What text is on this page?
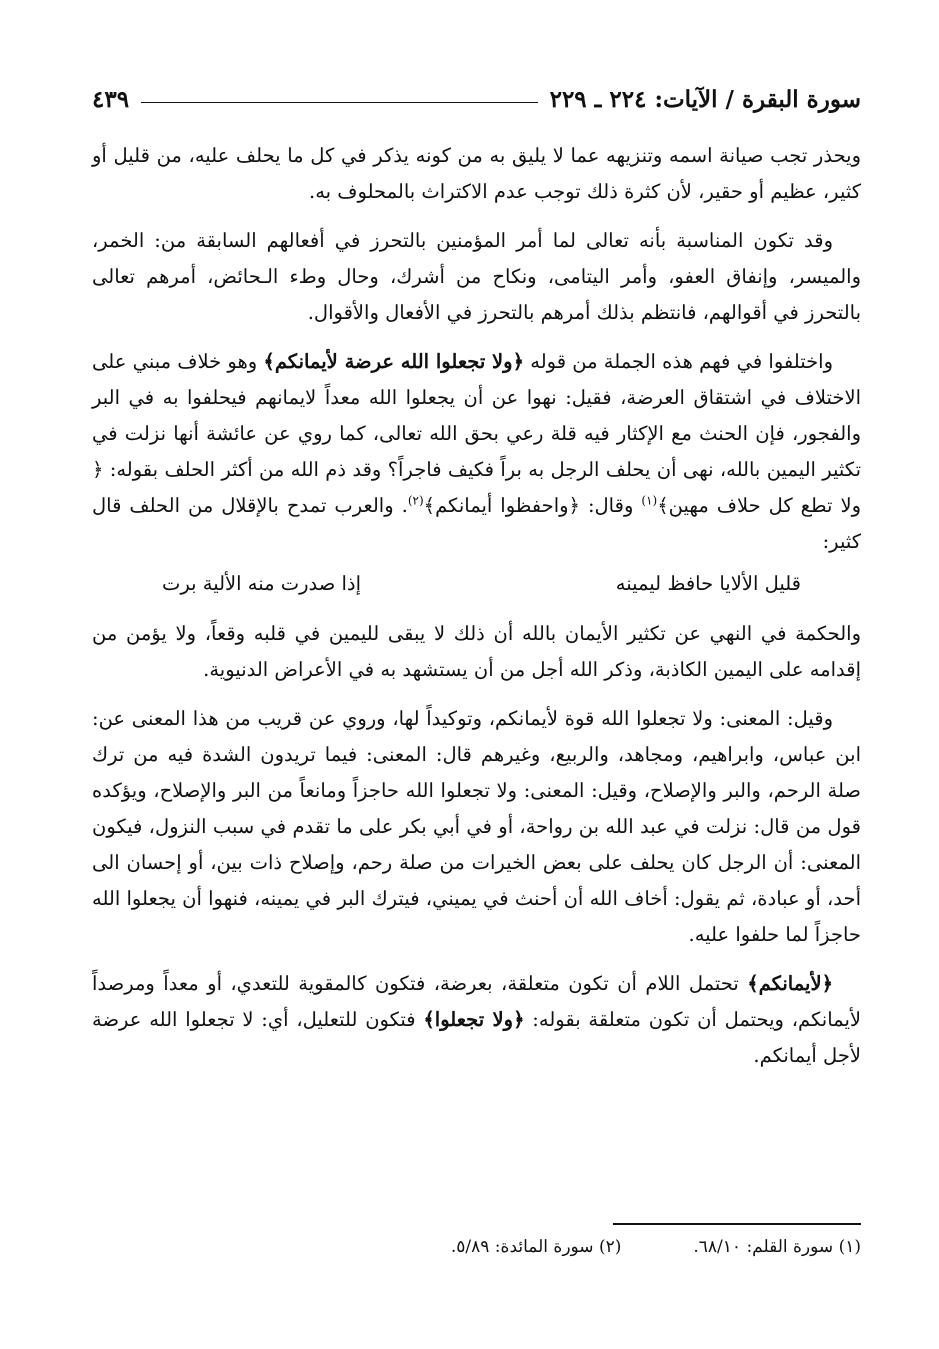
سورة البقرة / الآيات: ٢٢٤ ـ ٢٢٩
٤٣٩

ويحذر تجب صيانة اسمه وتنزيهه عما لا يليق به من كونه يذكر في كل ما يحلف عليه، من قليل أو كثير، عظيم أو حقير، لأن كثرة ذلك توجب عدم الاكتراث بالمحلوف به.

وقد تكون المناسبة بأنه تعالى لما أمر المؤمنين بالتحرز في أفعالهم السابقة من: الخمر، والميسر، وإنفاق العفو، وأمر اليتامى، ونكاح من أشرك، وحال وطء الـحائض، أمرهم تعالى بالتحرز في أقوالهم، فانتظم بذلك أمرهم بالتحرز في الأفعال والأقوال.

واختلفوا في فهم هذه الجملة من قوله ﴿ولا تجعلوا الله عرضة لأيمانكم﴾ وهو خلاف مبني على الاختلاف في اشتقاق العرضة، فقيل: نهوا عن أن يجعلوا الله معداً لايمانهم فيحلفوا به في البر والفجور، فإن الحنث مع الإكثار فيه قلة رعي بحق الله تعالى، كما روي عن عائشة أنها نزلت في تكثير اليمين بالله، نهى أن يحلف الرجل به براً فكيف فاجراً؟ وقد ذم الله من أكثر الحلف بقوله: ﴿ ولا تطع كل حلاف مهين﴾$^{(١)}$ وقال: ﴿واحفظوا أيمانكم﴾$^{(٢)}$. والعرب تمدح بالإقلال من الحلف قال كثير:

قليل الألايا حافظ ليمينه
إذا صدرت منه الألية برت

والحكمة في النهي عن تكثير الأيمان بالله أن ذلك لا يبقى لليمين في قلبه وقعاً، ولا يؤمن من إقدامه على اليمين الكاذبة، وذكر الله أجل من أن يستشهد به في الأعراض الدنيوية.

وقيل: المعنى: ولا تجعلوا الله قوة لأيمانكم، وتوكيداً لها، وروي عن قريب من هذا المعنى عن: ابن عباس، وابراهيم، ومجاهد، والربيع، وغيرهم قال: المعنى: فيما تريدون الشدة فيه من ترك صلة الرحم، والبر والإصلاح، وقيل: المعنى: ولا تجعلوا الله حاجزاً ومانعاً من البر والإصلاح، ويؤكده قول من قال: نزلت في عبد الله بن رواحة، أو في أبي بكر على ما تقدم في سبب النزول، فيكون المعنى: أن الرجل كان يحلف على بعض الخيرات من صلة رحم، وإصلاح ذات بين، أو إحسان الى أحد، أو عبادة، ثم يقول: أخاف الله أن أحنث في يميني، فيترك البر في يمينه، فنهوا أن يجعلوا الله حاجزاً لما حلفوا عليه.

﴿لأيمانكم﴾ تحتمل اللام أن تكون متعلقة، بعرضة، فتكون كالمقوية للتعدي، أو معداً ومرصداً لأيمانكم، ويحتمل أن تكون متعلقة بقوله: ﴿ولا تجعلوا﴾ فتكون للتعليل، أي: لا تجعلوا الله عرضة لأجل أيمانكم.

(١) سورة القلم: ٦٨/١٠.
(٢) سورة المائدة: ٥/٨٩.
